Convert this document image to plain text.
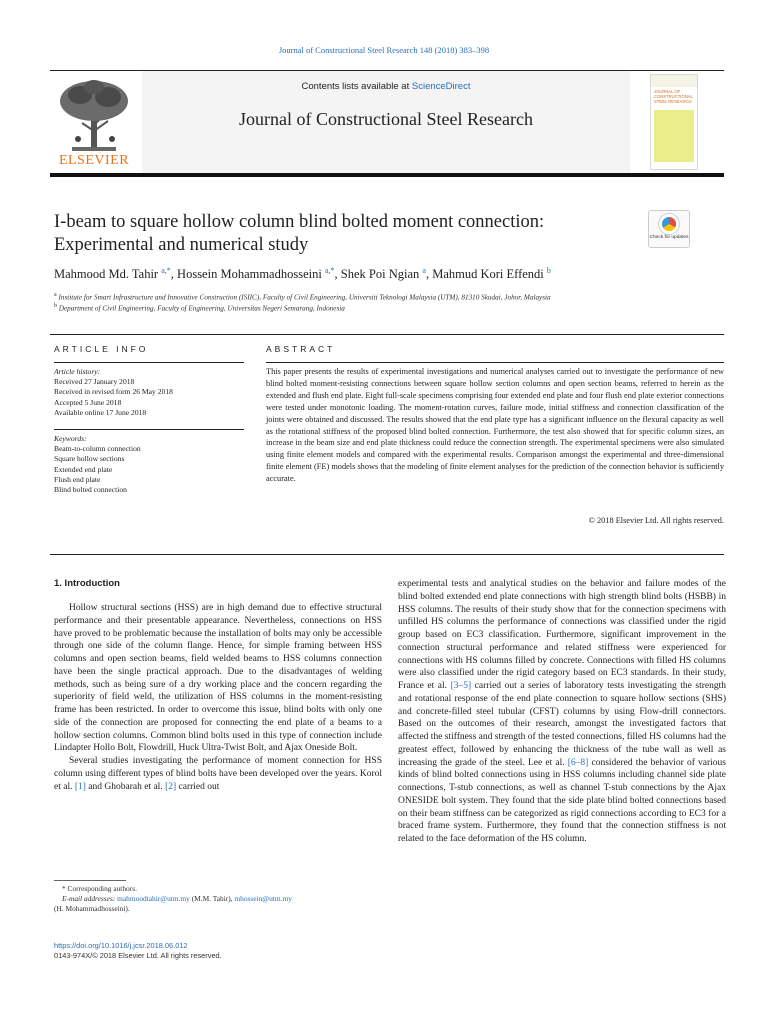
Journal of Constructional Steel Research 148 (2018) 383–398
ELSEVIER
Contents lists available at ScienceDirect
Journal of Constructional Steel Research
JOURNAL OF CONSTRUCTIONAL STEEL RESEARCH
I-beam to square hollow column blind bolted moment connection:
Experimental and numerical study	Check for updates
Mahmood Md. Tahir $^{a,*}$, Hossein Mohammadhosseini $^{a,*}$, Shek Poi Ngian $^a$, Mahmud Kori Effendi $^b$
$^a$ Institute for Smart Infrastructure and Innovative Construction (ISIIC), Faculty of Civil Engineering, Universiti Teknologi Malaysia (UTM), 81310 Skudai, Johor, Malaysia
$^b$ Department of Civil Engineering, Faculty of Engineering, Universitas Negeri Semarang, Indonesia
ARTICLE INFO	ABSTRACT
Article history:
Received 27 January 2018
Received in revised form 26 May 2018
Accepted 5 June 2018
Available online 17 June 2018
Keywords:
Beam-to-column connection
Square hollow sections
Extended end plate
Flush end plate
Blind bolted connection
This paper presents the results of experimental investigations and numerical analyses carried out to investigate the performance of new blind bolted moment-resisting connections between square hollow section columns and open section beams, referred to herein as the extended and flush end plate. Eight full-scale specimens comprising four extended end plate and four flush end plate exterior connections were tested under monotonic loading. The moment-rotation curves, failure mode, initial stiffness and connection classification of the joints were obtained and discussed. The results showed that the end plate type has a significant influence on the flexural capacity as well as the rotational stiffness of the proposed blind bolted connection. Furthermore, the test also showed that for specific column sizes, an increase in the beam size and end plate thickness could reduce the connection strength. The experimental specimens were also simulated using finite element models and compared with the experimental results. Comparison amongst the experimental and three-dimensional finite element (FE) models shows that the modeling of finite element analyses for the prediction of the connection behavior is sufficiently accurate.
© 2018 Elsevier Ltd. All rights reserved.
1. Introduction

Hollow structural sections (HSS) are in high demand due to effective structural performance and their presentable appearance. Nevertheless, connections on HSS have proved to be problematic because the installation of bolts may only be accessible through one side of the column flange. Hence, for simple framing between HSS columns and open section beams, field welded beams to HSS columns connection have been the single practical approach. Due to the disadvantages of welding methods, such as being sure of a dry working place and the concern regarding the superiority of field weld, the utilization of HSS columns in the moment-resisting frame has been restricted. In order to overcome this issue, blind bolts with only one side of the connection are proposed for connecting the end plate of a beams to a hollow section columns. Common blind bolts used in this type of connection include Lindapter Hollo Bolt, Flowdrill, Huck Ultra-Twist Bolt, and Ajax Oneside Bolt.

Several studies investigating the performance of moment connection for HSS column using different types of blind bolts have been developed over the years. Korol et al. [1] and Ghobarah et al. [2] carried out

experimental tests and analytical studies on the behavior and failure modes of the blind bolted extended end plate connections with high strength blind bolts (HSBB) in HSS columns. The results of their study show that for the connection specimens with unfilled HS columns the performance of connections was classified under the rigid group based on EC3 classification. Furthermore, significant improvement in the connection structural performance and related stiffness were experienced for connections with HS columns filled by concrete. Connections with filled HS columns were also classified under the rigid category based on EC3 standards. In their study, France et al. [3–5] carried out a series of laboratory tests investigating the strength and rotational response of the end plate connection to square hollow sections (SHS) and concrete-filled steel tubular (CFST) columns by using Flow-drill connectors. Based on the outcomes of their research, amongst the investigated factors that affected the stiffness and strength of the tested connections, filled HS columns had the greatest effect, followed by enhancing the thickness of the tube wall as well as increasing the grade of the steel. Lee et al. [6–8] considered the behavior of various kinds of blind bolted connections using in HSS columns including channel side plate connections, T-stub connections, as well as channel T-stub connections by the Ajax ONESIDE bolt system. They found that the side plate blind bolted connections based on their beam stiffness can be categorized as rigid connections according to EC3 for a braced frame system. Furthermore, they found that the connection stiffness is not related to the face deformation of the HS column.

* Corresponding authors.
E-mail addresses: mahmoodtahir@utm.my (M.M. Tahir), mhossein@utm.my
(H. Mohammadhosseini).
https://doi.org/10.1016/j.jcsr.2018.06.012
0143-974X/© 2018 Elsevier Ltd. All rights reserved.
